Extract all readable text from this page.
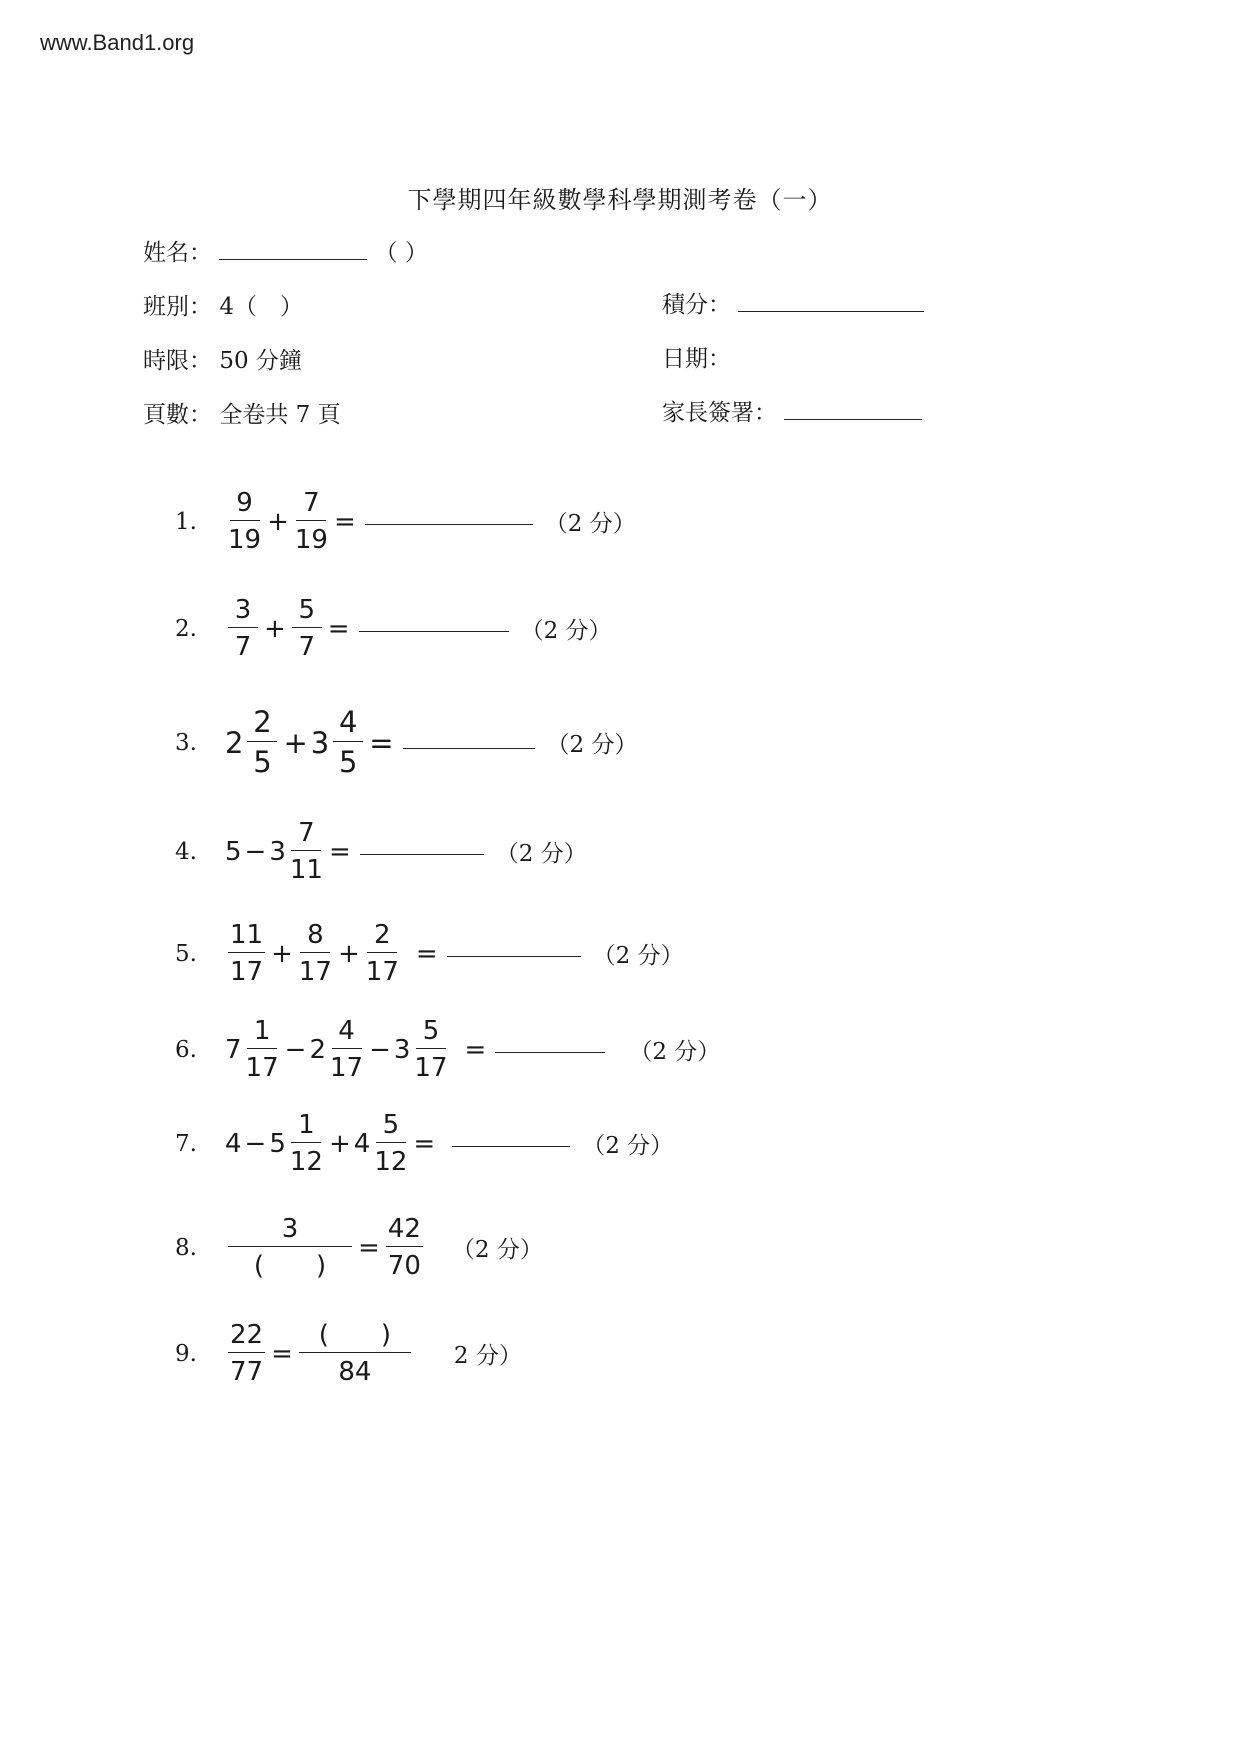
www.Band1.org
下學期四年級數學科學期測考卷（一）
姓名：	（ ）
班別： 4（　）
時限： 50 分鐘
頁數： 全卷共 7 頁
積分：
日期：
家長簽署：
1.	$\frac{9}{19} + \frac{7}{19}$ =	（2 分）
2.	$\frac{3}{7} + \frac{5}{7}$ =	（2 分）
3. $2 \frac{2}{5} + 3 \frac{4}{5}$ =	（2 分）
4.	$5 - 3 \frac{7}{11}$ =	（2 分）
5.	$\frac{11}{17} + \frac{8}{17} + \frac{2}{17}$ =	（2 分）
6.	$7 \frac{1}{17} - 2 \frac{4}{17} - 3 \frac{5}{17}$ =	（2 分）
7.	$4 - 5 \frac{1}{12} + 4 \frac{5}{12}$ =	（2 分）
8.	$\frac{3}{( )} = \frac{42}{70} (2$ 分）
9.	$\frac{22}{77} = \frac{( )}{84} 2$ 分）
